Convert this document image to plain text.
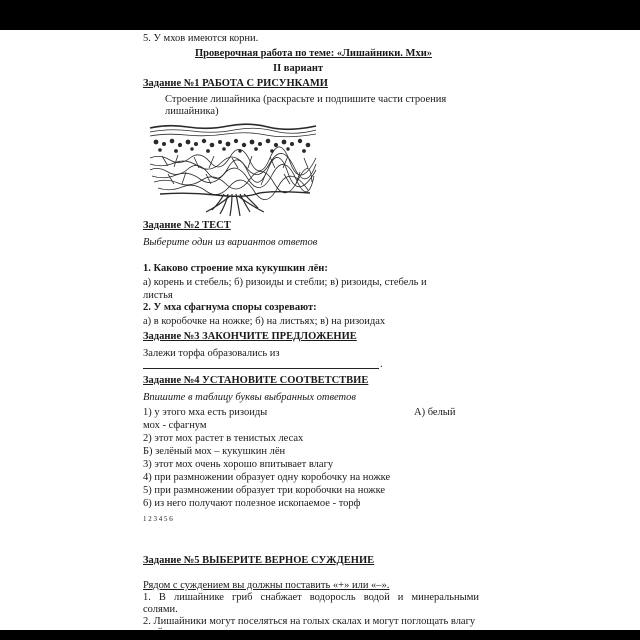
5. У мхов имеются корни.
Проверочная работа по теме: «Лишайники. Мхи»
II вариант
Задание №1 РАБОТА С РИСУНКАМИ
Строение лишайника (раскрасьте и подпишите части строения
лишайника)
Задание №2 ТЕСТ
Выберите один из вариантов ответов
1. Каково строение мха кукушкин лён:
а) корень и стебель; б) ризоиды и стебли; в) ризоиды, стебель и
листья
2. У мха сфагнума споры созревают:
а) в коробочке на ножке; б) на листьях; в) на ризоидах
Задание №3 ЗАКОНЧИТЕ ПРЕДЛОЖЕНИЕ
Залежи торфа образовались из
.
Задание №4 УСТАНОВИТЕ СООТВЕТСТВИЕ
Впишите в таблицу буквы выбранных ответов
1) у этого мха есть ризоиды	А) белый
мох - сфагнум
2) этот мох растет в тенистых лесах
Б) зелёный мох – кукушкин лён
3) этот мох очень хорошо впитывает влагу
4) при размножении образует одну коробочку на ножке
5) при размножении образует три коробочки на ножке
6) из него получают полезное ископаемое - торф
1 2 3 4 5 6
Задание №5 ВЫБЕРИТЕ ВЕРНОЕ СУЖДЕНИЕ
Рядом с суждением вы должны поставить «+» или «–».
1. В лишайнике гриб снабжает водоросль водой и минеральными
солями.
2. Лишайники могут поселяться на голых скалах и могут поглощать влагу
